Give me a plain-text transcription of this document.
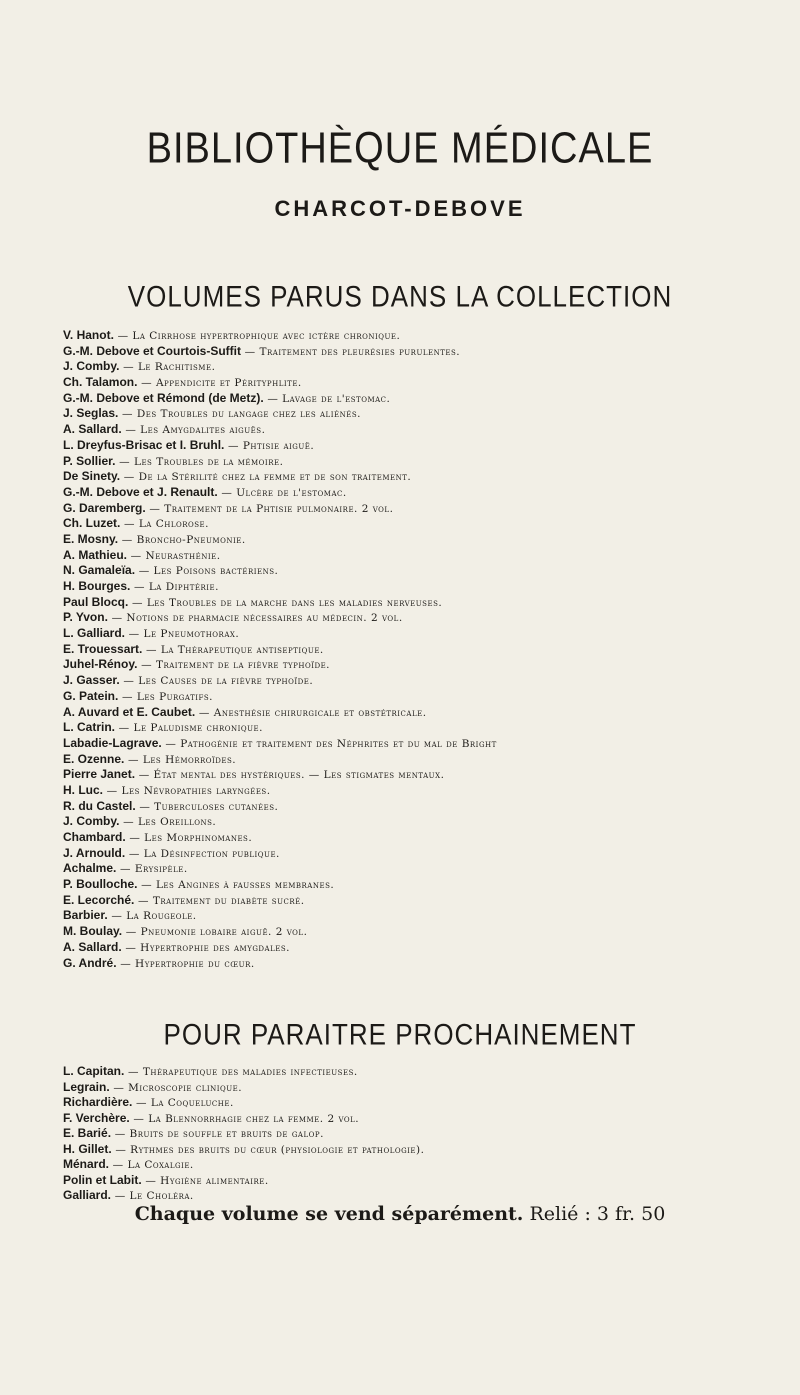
BIBLIOTHÈQUE MÉDICALE
CHARCOT-DEBOVE
VOLUMES PARUS DANS LA COLLECTION
V. Hanot. — La Cirrhose hypertrophique avec ictère chronique.
G.-M. Debove et Courtois-Suffit — Traitement des pleurésies purulentes.
J. Comby. — Le Rachitisme.
Ch. Talamon. — Appendicite et Pérityphlite.
G.-M. Debove et Rémond (de Metz). — Lavage de l'estomac.
J. Seglas. — Des Troubles du langage chez les aliénés.
A. Sallard. — Les Amygdalites aiguës.
L. Dreyfus-Brisac et I. Bruhl. — Phtisie aiguë.
P. Sollier. — Les Troubles de la mémoire.
De Sinety. — De la Stérilité chez la femme et de son traitement.
G.-M. Debove et J. Renault. — Ulcère de l'estomac.
G. Daremberg. — Traitement de la Phtisie pulmonaire. 2 vol.
Ch. Luzet. — La Chlorose.
E. Mosny. — Broncho-Pneumonie.
A. Mathieu. — Neurasthénie.
N. Gamaleïa. — Les Poisons bactériens.
H. Bourges. — La Diphtérie.
Paul Blocq. — Les Troubles de la marche dans les maladies nerveuses.
P. Yvon. — Notions de pharmacie nécessaires au médecin. 2 vol.
L. Galliard. — Le Pneumothorax.
E. Trouessart. — La Thérapeutique antiseptique.
Juhel-Rénoy. — Traitement de la fièvre typhoïde.
J. Gasser. — Les Causes de la fièvre typhoïde.
G. Patein. — Les Purgatifs.
A. Auvard et E. Caubet. — Anesthésie chirurgicale et obstétricale.
L. Catrin. — Le Paludisme chronique.
Labadie-Lagrave. — Pathogénie et traitement des Néphrites et du mal de Bright
E. Ozenne. — Les Hémorroïdes.
Pierre Janet. — État mental des hystériques. — Les stigmates mentaux.
H. Luc. — Les Névropathies laryngées.
R. du Castel. — Tuberculoses cutanées.
J. Comby. — Les Oreillons.
Chambard. — Les Morphinomanes.
J. Arnould. — La Désinfection publique.
Achalme. — Erysipèle.
P. Boulloche. — Les Angines à fausses membranes.
E. Lecorché. — Traitement du diabète sucré.
Barbier. — La Rougeole.
M. Boulay. — Pneumonie lobaire aiguë. 2 vol.
A. Sallard. — Hypertrophie des amygdales.
G. André. — Hypertrophie du cœur.
POUR PARAITRE PROCHAINEMENT
L. Capitan. — Thérapeutique des maladies infectieuses.
Legrain. — Microscopie clinique.
Richardière. — La Coqueluche.
F. Verchère. — La Blennorrhagie chez la femme. 2 vol.
E. Barié. — Bruits de souffle et bruits de galop.
H. Gillet. — Rythmes des bruits du cœur (physiologie et pathologie).
Ménard. — La Coxalgie.
Polin et Labit. — Hygiène alimentaire.
Galliard. — Le Choléra.
Chaque volume se vend séparément. Relié : 3 fr. 50
